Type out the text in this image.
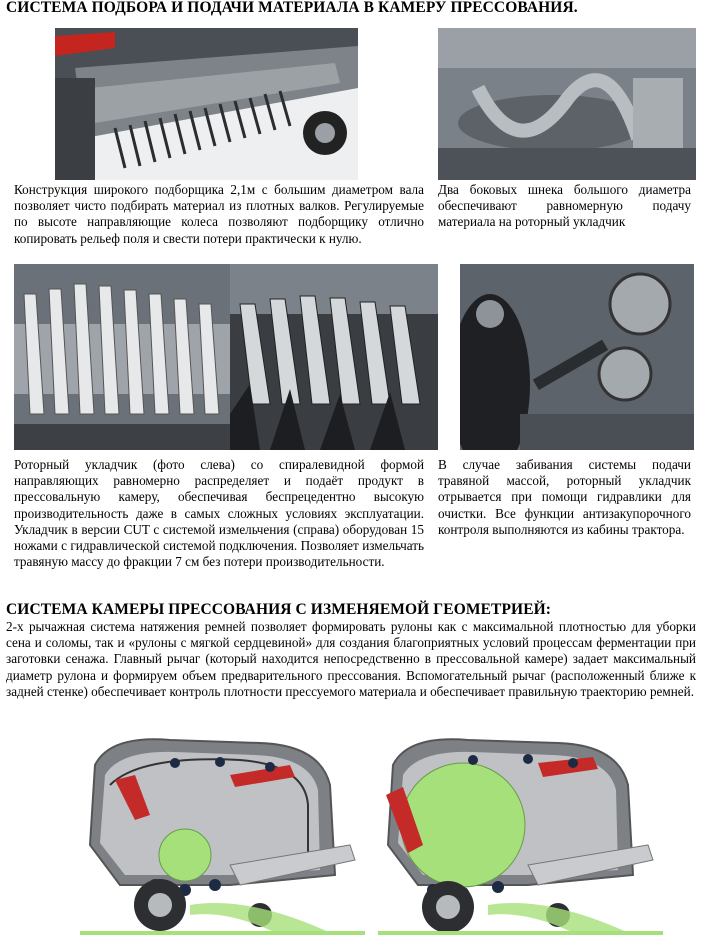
СИСТЕМА ПОДБОРА И ПОДАЧИ МАТЕРИАЛА В КАМЕРУ ПРЕССОВАНИЯ.

Конструкция широкого подборщика 2,1м с большим диаметром вала позволяет чисто подбирать материал из плотных валков. Регулируемые по высоте направляющие колеса позволяют подборщику отлично копировать рельеф поля и свести потери практически к нулю.

Два боковых шнека большого диаметра обеспечивают равномерную подачу материала на роторный укладчик

Роторный укладчик (фото слева) со спиралевидной формой направляющих равномерно распределяет и подаёт продукт в прессовальную камеру, обеспечивая беспрецедентно высокую производительность даже в самых сложных условиях эксплуатации. Укладчик в версии CUT с системой измельчения (справа) оборудован 15 ножами с гидравлической системой подключения. Позволяет измельчать травяную массу до фракции 7 см без потери производительности.

В случае забивания системы подачи травяной массой, роторный укладчик отрывается при помощи гидравлики для очистки. Все функции антизакупорочного контроля выполняются из кабины трактора.

СИСТЕМА КАМЕРЫ ПРЕССОВАНИЯ С ИЗМЕНЯЕМОЙ ГЕОМЕТРИЕЙ:

2-х рычажная система натяжения ремней позволяет формировать рулоны как с максимальной плотностью для уборки сена и соломы, так и «рулоны с мягкой сердцевиной» для создания благоприятных условий процессам ферментации при заготовки сенажа. Главный рычаг (который находится непосредственно в прессовальной камере) задает максимальный диаметр рулона и формируем объем предварительного прессования. Вспомогательный рычаг (расположенный ближе к задней стенке) обеспечивает контроль плотности прессуемого материала и обеспечивает правильную траекторию ремней.
